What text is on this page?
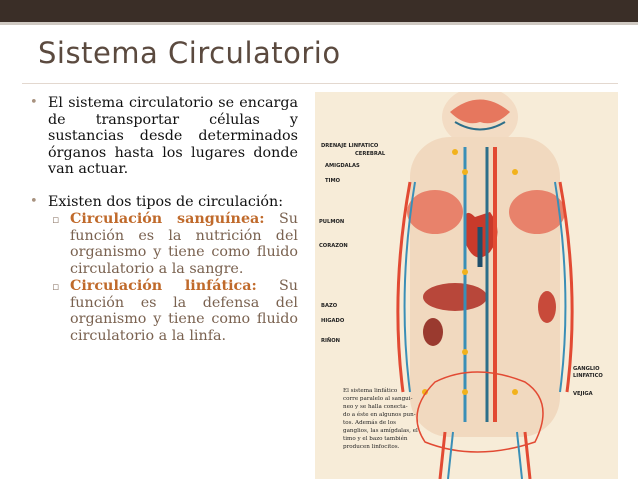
Sistema Circulatorio
• El sistema circulatorio se encarga de transportar células y sustancias desde determinados órganos hasta los lugares donde van actuar.
• Existen dos tipos de circulación:
▫ Circulación sanguínea: Su función es la nutrición del organismo y tiene como fluido circulatorio a la sangre.
▫ Circulación linfática: Su función es la defensa del organismo y tiene como fluido circulatorio a la linfa.
DRENAJE LINFATICO
CEREBRAL
AMIGDALAS
TIMO
PULMON
CORAZON
BAZO
HIGADO
RIÑON
GANGLIO
LINFATICO
VEJIGA
El sistema linfático
corre paralelo al sangui-
neo y se halla conecta-
do a éste en algunos pun-
tos. Además de los
ganglios, las amígdalas, el
timo y el bazo también
producen linfocitos.
